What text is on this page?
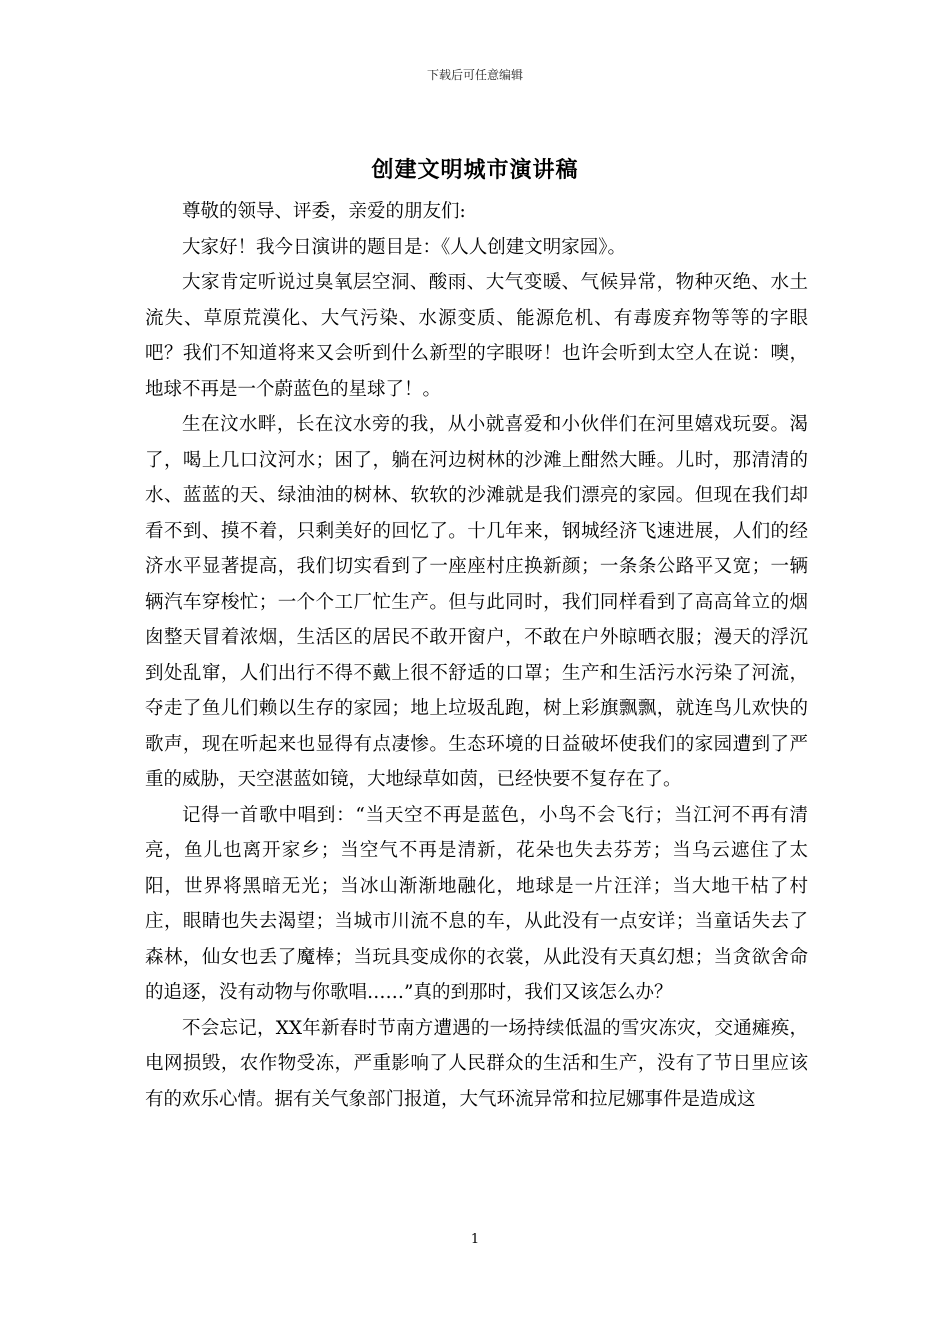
下载后可任意编辑
创建文明城市演讲稿

尊敬的领导、评委，亲爱的朋友们:

大家好！我今日演讲的题目是：《人人创建文明家园》。

大家肯定听说过臭氧层空洞、酸雨、大气变暖、气候异常，物种灭绝、水土流失、草原荒漠化、大气污染、水源变质、能源危机、有毒废弃物等等的字眼吧？我们不知道将来又会听到什么新型的字眼呀！也许会听到太空人在说：噢，地球不再是一个蔚蓝色的星球了！。

生在汶水畔，长在汶水旁的我，从小就喜爱和小伙伴们在河里嬉戏玩耍。渴了，喝上几口汶河水；困了，躺在河边树林的沙滩上酣然大睡。儿时，那清清的水、蓝蓝的天、绿油油的树林、软软的沙滩就是我们漂亮的家园。但现在我们却看不到、摸不着，只剩美好的回忆了。十几年来，钢城经济飞速进展，人们的经济水平显著提高，我们切实看到了一座座村庄换新颜；一条条公路平又宽；一辆辆汽车穿梭忙；一个个工厂忙生产。但与此同时，我们同样看到了高高耸立的烟囱整天冒着浓烟，生活区的居民不敢开窗户，不敢在户外晾晒衣服；漫天的浮沉到处乱窜，人们出行不得不戴上很不舒适的口罩；生产和生活污水污染了河流，夺走了鱼儿们赖以生存的家园；地上垃圾乱跑，树上彩旗飘飘，就连鸟儿欢快的歌声，现在听起来也显得有点凄惨。生态环境的日益破坏使我们的家园遭到了严重的威胁，天空湛蓝如镜，大地绿草如茵，已经快要不复存在了。

记得一首歌中唱到：“当天空不再是蓝色，小鸟不会飞行；当江河不再有清亮，鱼儿也离开家乡；当空气不再是清新，花朵也失去芬芳；当乌云遮住了太阳，世界将黑暗无光；当冰山渐渐地融化，地球是一片汪洋；当大地干枯了村庄，眼睛也失去渴望；当城市川流不息的车，从此没有一点安详；当童话失去了森林，仙女也丢了魔棒；当玩具变成你的衣裳，从此没有天真幻想；当贪欲舍命的追逐，没有动物与你歌唱……”真的到那时，我们又该怎么办？

不会忘记，XX年新春时节南方遭遇的一场持续低温的雪灾冻灾，交通瘫痪，电网损毁，农作物受冻，严重影响了人民群众的生活和生产，没有了节日里应该有的欢乐心情。据有关气象部门报道，大气环流异常和拉尼娜事件是造成这

1
